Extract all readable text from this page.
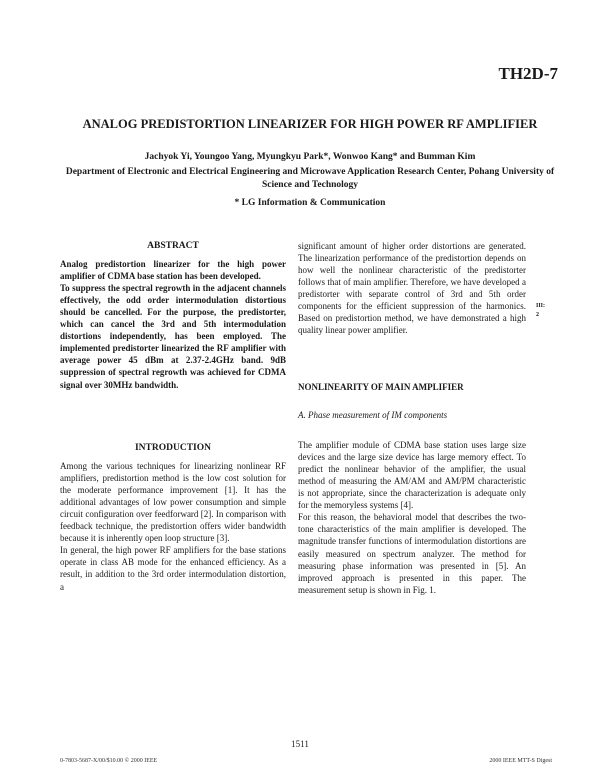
TH2D-7
ANALOG PREDISTORTION LINEARIZER FOR HIGH POWER RF AMPLIFIER
Jachyok Yi, Youngoo Yang, Myungkyu Park*, Wonwoo Kang* and Bumman Kim
Department of Electronic and Electrical Engineering and Microwave Application Research Center, Pohang University of Science and Technology
* LG Information & Communication
ABSTRACT

Analog predistortion linearizer for the high power amplifier of CDMA base station has been developed.

To suppress the spectral regrowth in the adjacent channels effectively, the odd order intermodulation distortious should be cancelled. For the purpose, the predistorter, which can cancel the 3rd and 5th intermodulation distortions independently, has been employed. The implemented predistorter linearized the RF amplifier with average power 45 dBm at 2.37-2.4GHz band. 9dB suppression of spectral regrowth was achieved for CDMA signal over 30MHz bandwidth.

INTRODUCTION

Among the various techniques for linearizing nonlinear RF amplifiers, predistortion method is the low cost solution for the moderate performance improvement [1]. It has the additional advantages of low power consumption and simple circuit configuration over feedforward [2]. In comparison with feedback technique, the predistortion offers wider bandwidth because it is inherently open loop structure [3].

In general, the high power RF amplifiers for the base stations operate in class AB mode for the enhanced efficiency. As a result, in addition to the 3rd order intermodulation distortion, a

significant amount of higher order distortions are generated. The linearization performance of the predistortion depends on how well the nonlinear characteristic of the predistorter follows that of main amplifier. Therefore, we have developed a predistorter with separate control of 3rd and 5th order components for the efficient suppression of the harmonics. Based on predistortion method, we have demonstrated a high quality linear power amplifier.

NONLINEARITY OF MAIN AMPLIFIER
A. Phase measurement of IM components

The amplifier module of CDMA base station uses large size devices and the large size device has large memory effect. To predict the nonlinear behavior of the amplifier, the usual method of measuring the AM/AM and AM/PM characteristic is not appropriate, since the characterization is adequate only for the memoryless systems [4].

For this reason, the behavioral model that describes the two-tone characteristics of the main amplifier is developed. The magnitude transfer functions of intermodulation distortions are easily measured on spectrum analyzer. The method for measuring phase information was presented in [5]. An improved approach is presented in this paper. The measurement setup is shown in Fig. 1.

III:
2
1511
0-7803-5687-X/00/$10.00 © 2000 IEEE	2000 IEEE MTT-S Digest
